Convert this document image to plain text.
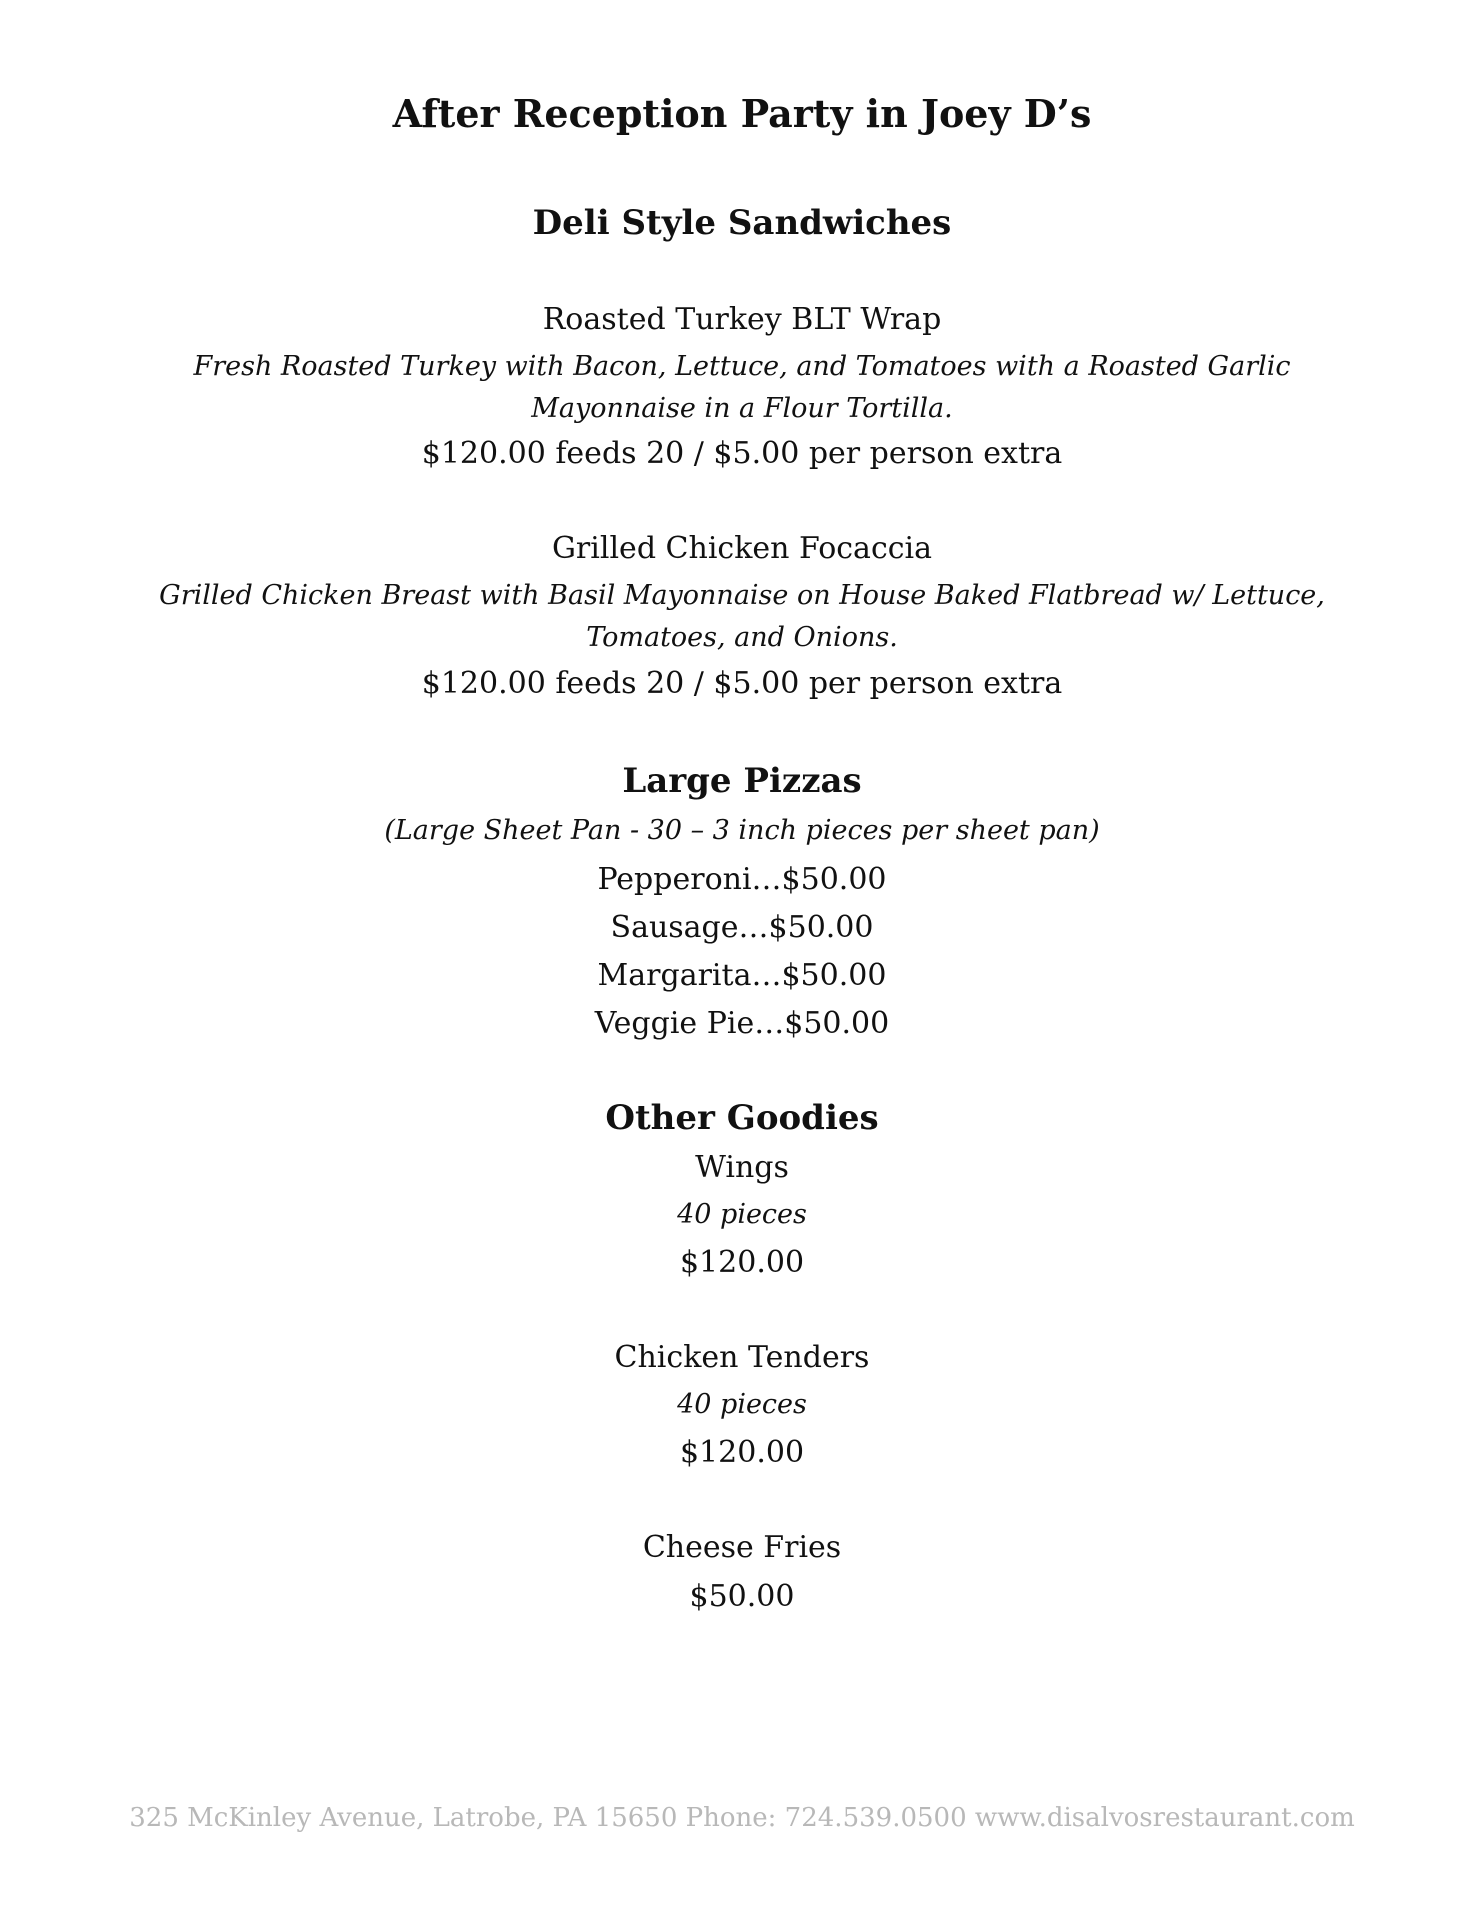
After Reception Party in Joey D’s
Deli Style Sandwiches
Roasted Turkey BLT Wrap
Fresh Roasted Turkey with Bacon, Lettuce, and Tomatoes with a Roasted Garlic Mayonnaise in a Flour Tortilla.
$120.00 feeds 20 / $5.00 per person extra
Grilled Chicken Focaccia
Grilled Chicken Breast with Basil Mayonnaise on House Baked Flatbread w/ Lettuce, Tomatoes, and Onions.
$120.00 feeds 20 / $5.00 per person extra
Large Pizzas
(Large Sheet Pan - 30 – 3 inch pieces per sheet pan)
Pepperoni…$50.00
Sausage…$50.00
Margarita…$50.00
Veggie Pie…$50.00
Other Goodies
Wings
40 pieces
$120.00
Chicken Tenders
40 pieces
$120.00
Cheese Fries
$50.00
325 McKinley Avenue, Latrobe, PA 15650 Phone: 724.539.0500 www.disalvosrestaurant.com
